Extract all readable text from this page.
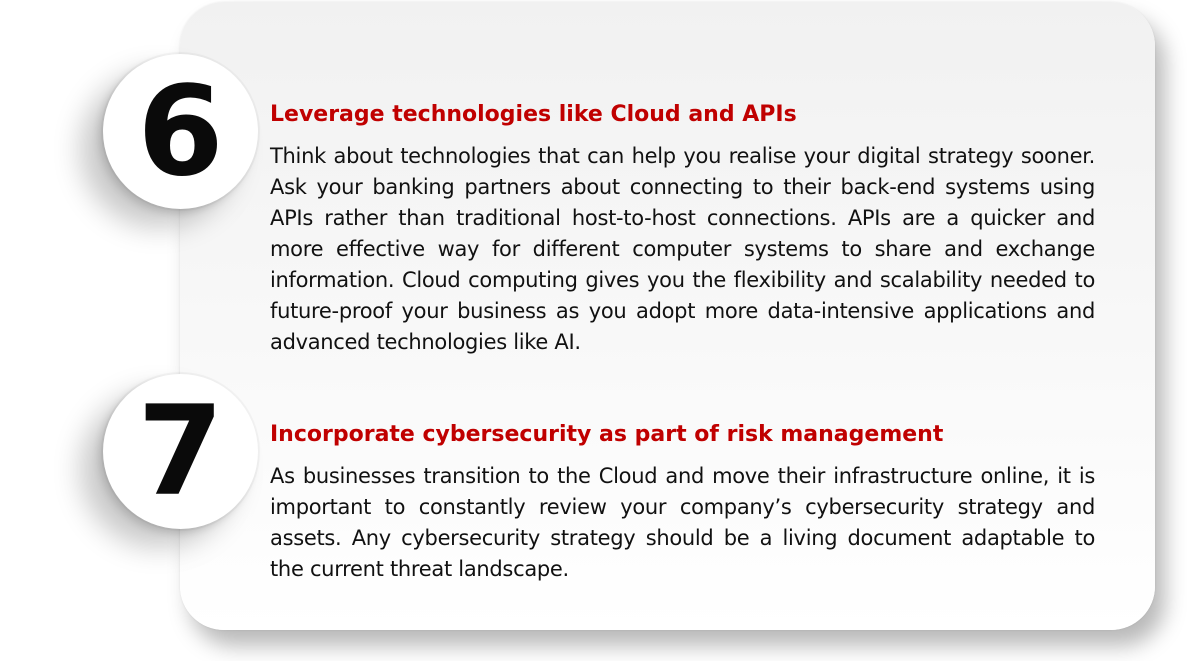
6	Leverage technologies like Cloud and APIs

Think about technologies that can help you realise your digital strategy sooner. Ask your banking partners about connecting to their back-end systems using APIs rather than traditional host-to-host connections. APIs are a quicker and more effective way for different computer systems to share and exchange information. Cloud computing gives you the flexibility and scalability needed to future-proof your business as you adopt more data-intensive applications and advanced technologies like AI.

7	Incorporate cybersecurity as part of risk management

As businesses transition to the Cloud and move their infrastructure online, it is important to constantly review your company’s cybersecurity strategy and assets. Any cybersecurity strategy should be a living document adaptable to the current threat landscape.
